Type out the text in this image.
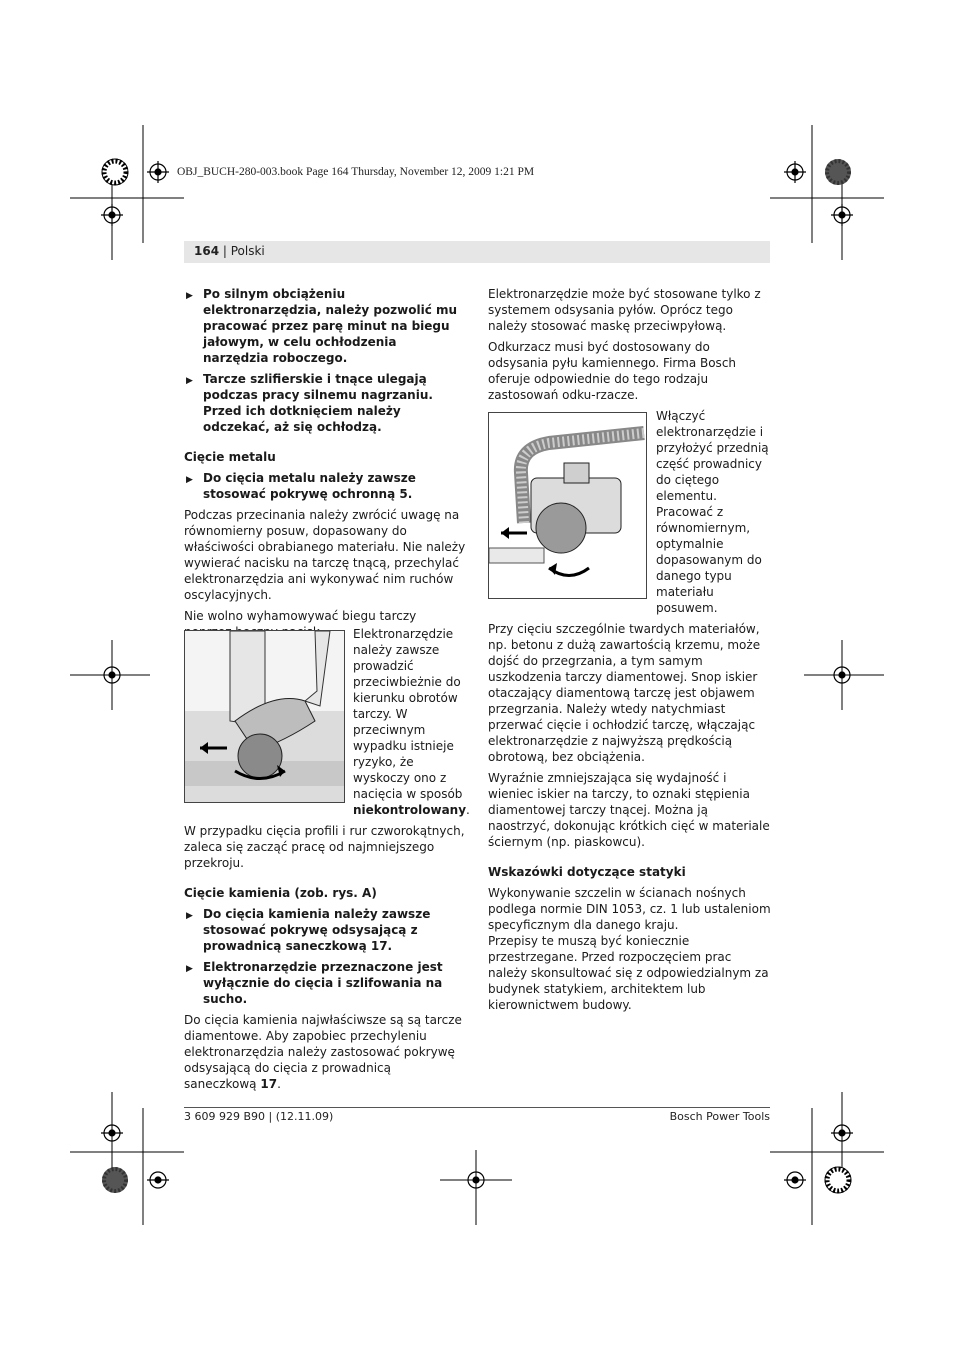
OBJ_BUCH-280-003.book Page 164 Thursday, November 12, 2009 1:21 PM
164 | Polski
▶ Po silnym obciążeniu elektronarzędzia, należy pozwolić mu pracować przez parę minut na biegu jałowym, w celu ochłodzenia narzędzia roboczego.
▶ Tarcze szlifierskie i tnące ulegają podczas pracy silnemu nagrzaniu. Przed ich dotknięciem należy odczekać, aż się ochłodzą.
Cięcie metalu
▶ Do cięcia metalu należy zawsze stosować pokrywę ochronną 5.

Podczas przecinania należy zwrócić uwagę na równomierny posuw, dopasowany do właściwości obrabianego materiału. Nie należy wywierać nacisku na tarczę tnącą, przechylać elektronarzędzia ani wykonywać nim ruchów oscylacyjnych.

Nie wolno wyhamowywać biegu tarczy

Elektronarzędzie należy zawsze prowadzić przeciwbieżnie do kierunku obrotów tarczy. W przeciwnym wypadku istnieje ryzyko, że wyskoczy ono z nacięcia w sposób niekontrolowany.

W przypadku cięcia profili i rur czworokątnych, zaleca się zacząć pracę od najmniejszego przekroju.

Cięcie kamienia (zob. rys. A)
▶ Do cięcia kamienia należy zawsze stosować pokrywę odsysającą z prowadnicą saneczkową 17.
▶ Elektronarzędzie przeznaczone jest wyłącznie do cięcia i szlifowania na sucho.

Do cięcia kamienia najwłaściwsze są są tarcze diamentowe. Aby zapobiec przechyleniu elektronarzędzia należy zastosować pokrywę odsysającą do cięcia z prowadnicą saneczkową 17.

Elektronarzędzie może być stosowane tylko z systemem odsysania pyłów. Oprócz tego należy stosować maskę przeciwpyłową.

Odkurzacz musi być dostosowany do odsysania pyłu kamiennego. Firma Bosch oferuje odpowiednie do tego rodzaju zastosowań odku-rzacze.

Włączyć elektronarzędzie i przyłożyć przednią część prowadnicy do ciętego elementu. Pracować z równomiernym, optymalnie dopasowanym do danego typu materiału posuwem.

Przy cięciu szczególnie twardych materiałów, np. betonu z dużą zawartością krzemu, może dojść do przegrzania, a tym samym uszkodzenia tarczy diamentowej. Snop iskier otaczający diamentową tarczę jest objawem przegrzania. Należy wtedy natychmiast przerwać cięcie i ochłodzić tarczę, włączając elektronarzędzie z najwyższą prędkością obrotową, bez obciążenia.

Wyraźnie zmniejszająca się wydajność i wieniec iskier na tarczy, to oznaki stępienia diamentowej tarczy tnącej. Można ją naostrzyć, dokonując krótkich cięć w materiale ściernym (np. piaskowcu).

Wskazówki dotyczące statyki

Wykonywanie szczelin w ścianach nośnych podlega normie DIN 1053, cz. 1 lub ustaleniom specyficznym dla danego kraju.

Przepisy te muszą być koniecznie przestrzegane. Przed rozpoczęciem prac należy skonsultować się z odpowiedzialnym za budynek statykiem, architektem lub kierownictwem budowy.

3 609 929 B90 | (12.11.09)	Bosch Power Tools
